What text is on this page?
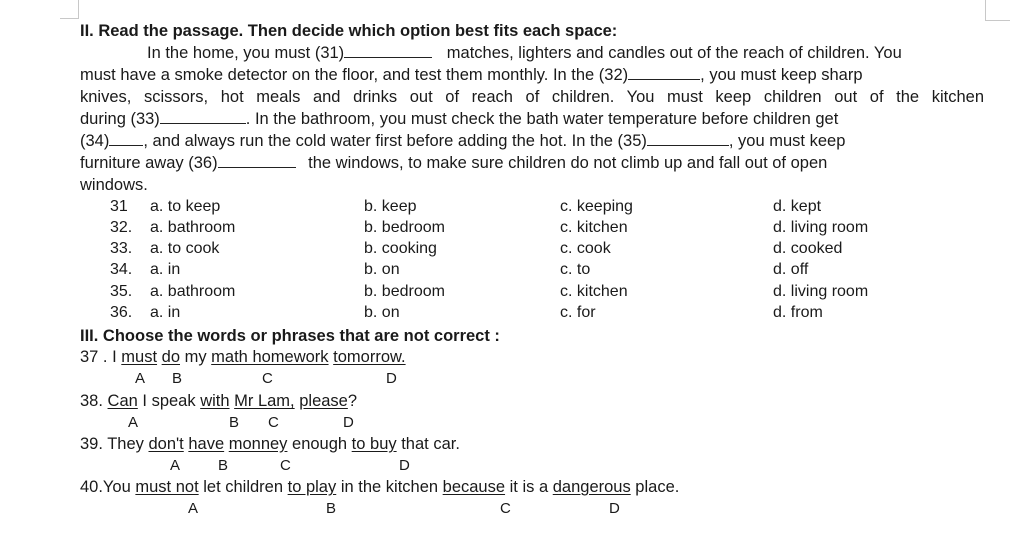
II. Read the passage. Then decide which option best fits each space:
In the home, you must (31)	matches, lighters and candles out of the reach of children. You
must have a smoke detector on the floor, and test them monthly. In the (32)	, you must keep sharp
knives, scissors, hot meals and drinks out of reach of children. You must keep children out of the kitchen
during (33)	. In the bathroom, you must check the bath water temperature before children get
(34) , and always run the cold water first before adding the hot. In the (35)	, you must keep
furniture away (36)	the windows, to make sure children do not climb up and fall out of open
windows.
31 a. to keep	b. keep	c. keeping	d. kept
32. a. bathroom	b. bedroom	c. kitchen	d. living room
33. a. to cook	b. cooking	c. cook	d. cooked
34. a. in	b. on	c. to	d. off
35. a. bathroom	b. bedroom	c. kitchen	d. living room
36. a. in	b. on	c. for	d. from
III. Choose the words or phrases that are not correct :
37 . I must do my math homework tomorrow.
A B	C	D
38. Can I speak with Mr Lam, please?
A	B C	D
39. They don't have monney enough to buy that car.
A	B	C	D
40.You must not let children to play in the kitchen because it is a dangerous place.
A	B	C	D
